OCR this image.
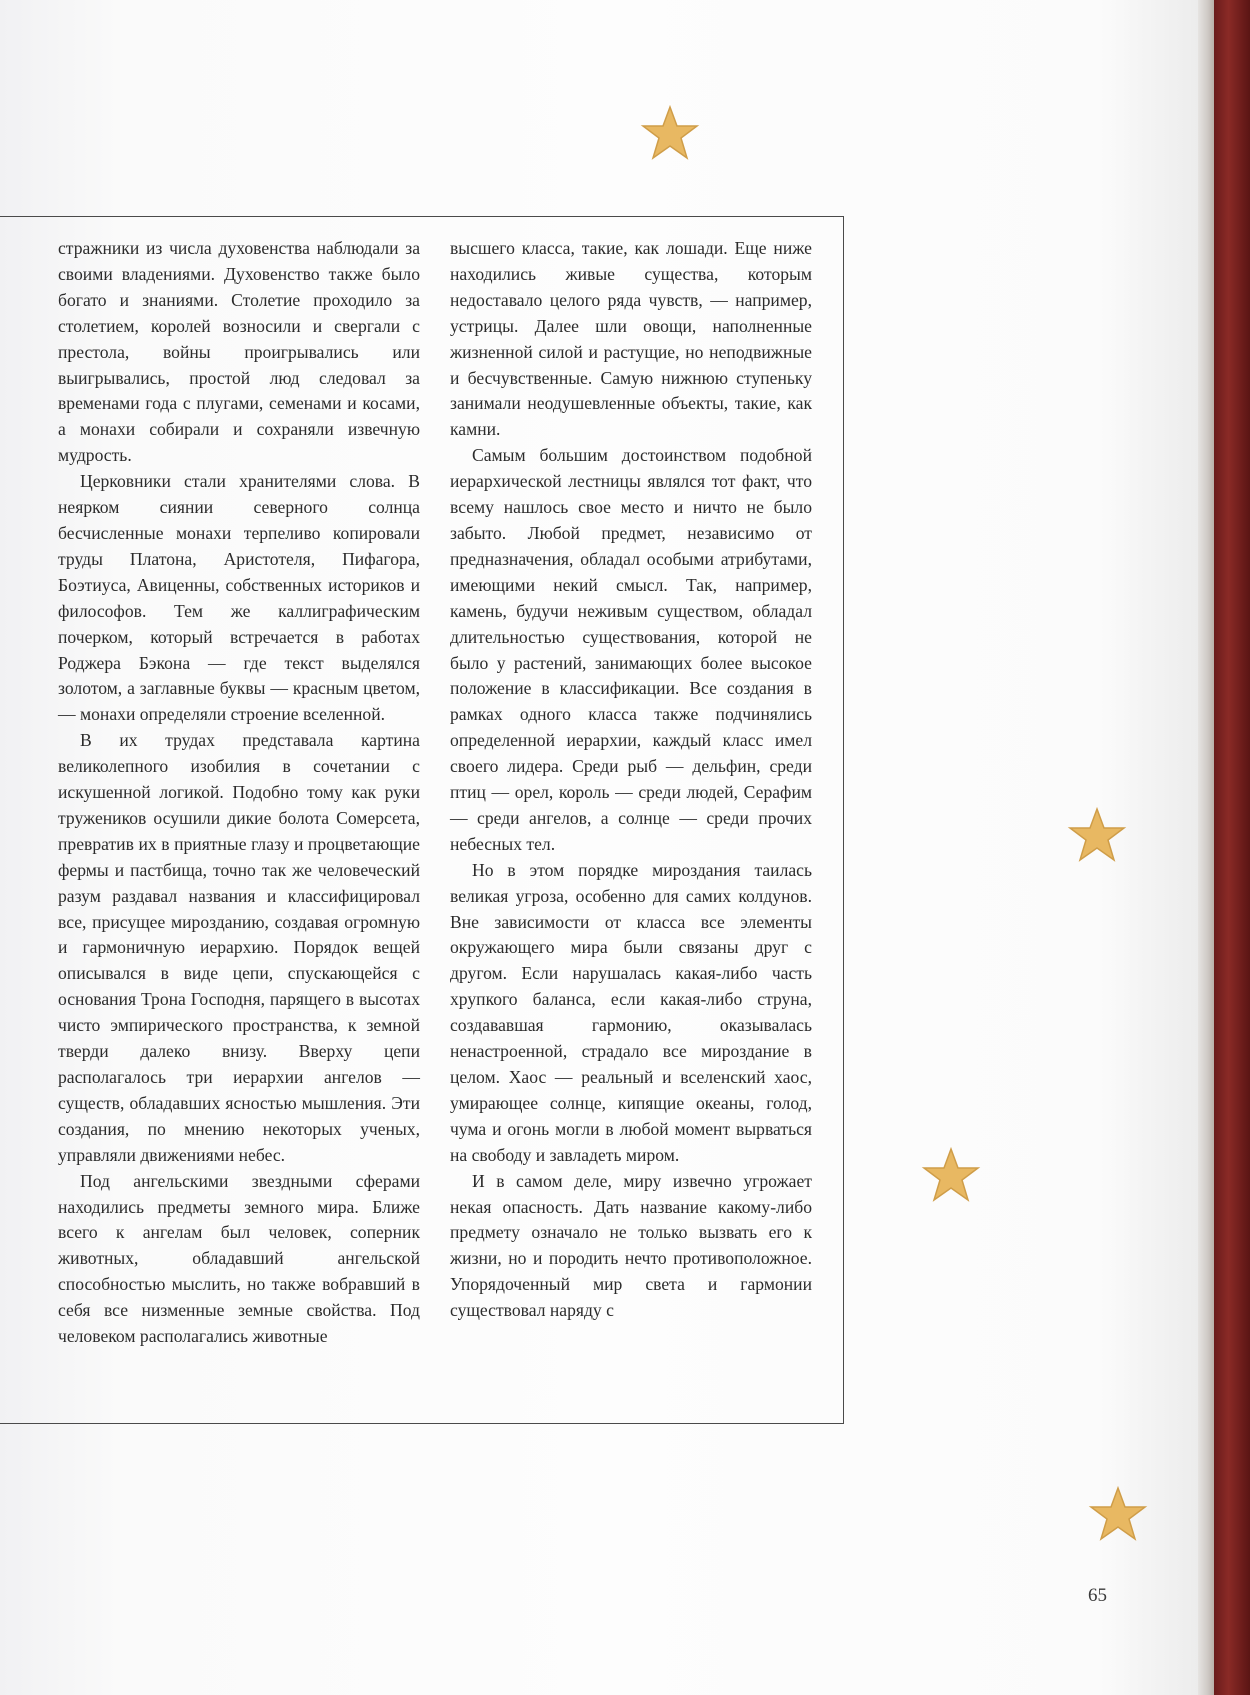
стражники из числа духовенства наблюдали за своими владениями. Духовенство также было богато и знаниями. Столетие проходило за столетием, королей возносили и свергали с престола, войны проигрывались или выигрывались, простой люд следовал за временами года с плугами, семенами и косами, а монахи собирали и сохраняли извечную мудрость.

Церковники стали хранителями слова. В неярком сиянии северного солнца бесчисленные монахи терпеливо копировали труды Платона, Аристотеля, Пифагора, Боэтиуса, Авиценны, собственных историков и философов. Тем же каллиграфическим почерком, который встречается в работах Роджера Бэкона — где текст выделялся золотом, а заглавные буквы — красным цветом, — монахи определяли строение вселенной.

В их трудах представала картина великолепного изобилия в сочетании с искушенной логикой. Подобно тому как руки тружеников осушили дикие болота Сомерсета, превратив их в приятные глазу и процветающие фермы и пастбища, точно так же человеческий разум раздавал названия и классифицировал все, присущее мирозданию, создавая огромную и гармоничную иерархию. Порядок вещей описывался в виде цепи, спускающейся с основания Трона Господня, парящего в высотах чисто эмпирического пространства, к земной тверди далеко внизу. Вверху цепи располагалось три иерархии ангелов — существ, обладавших ясностью мышления. Эти создания, по мнению некоторых ученых, управляли движениями небес.

Под ангельскими звездными сферами находились предметы земного мира. Ближе всего к ангелам был человек, соперник животных, обладавший ангельской способностью мыслить, но также вобравший в себя все низменные земные свойства. Под человеком располагались животные

высшего класса, такие, как лошади. Еще ниже находились живые существа, которым недоставало целого ряда чувств, — например, устрицы. Далее шли овощи, наполненные жизненной силой и растущие, но неподвижные и бесчувственные. Самую нижнюю ступеньку занимали неодушевленные объекты, такие, как камни.

Самым большим достоинством подобной иерархической лестницы являлся тот факт, что всему нашлось свое место и ничто не было забыто. Любой предмет, независимо от предназначения, обладал особыми атрибутами, имеющими некий смысл. Так, например, камень, будучи неживым существом, обладал длительностью существования, которой не было у растений, занимающих более высокое положение в классификации. Все создания в рамках одного класса также подчинялись определенной иерархии, каждый класс имел своего лидера. Среди рыб — дельфин, среди птиц — орел, король — среди людей, Серафим — среди ангелов, а солнце — среди прочих небесных тел.

Но в этом порядке мироздания таилась великая угроза, особенно для самих колдунов. Вне зависимости от класса все элементы окружающего мира были связаны друг с другом. Если нарушалась какая-либо часть хрупкого баланса, если какая-либо струна, создававшая гармонию, оказывалась ненастроенной, страдало все мироздание в целом. Хаос — реальный и вселенский хаос, умирающее солнце, кипящие океаны, голод, чума и огонь могли в любой момент вырваться на свободу и завладеть миром.

И в самом деле, миру извечно угрожает некая опасность. Дать название какому-либо предмету означало не только вызвать его к жизни, но и породить нечто противоположное. Упорядоченный мир света и гармонии существовал наряду с

65
